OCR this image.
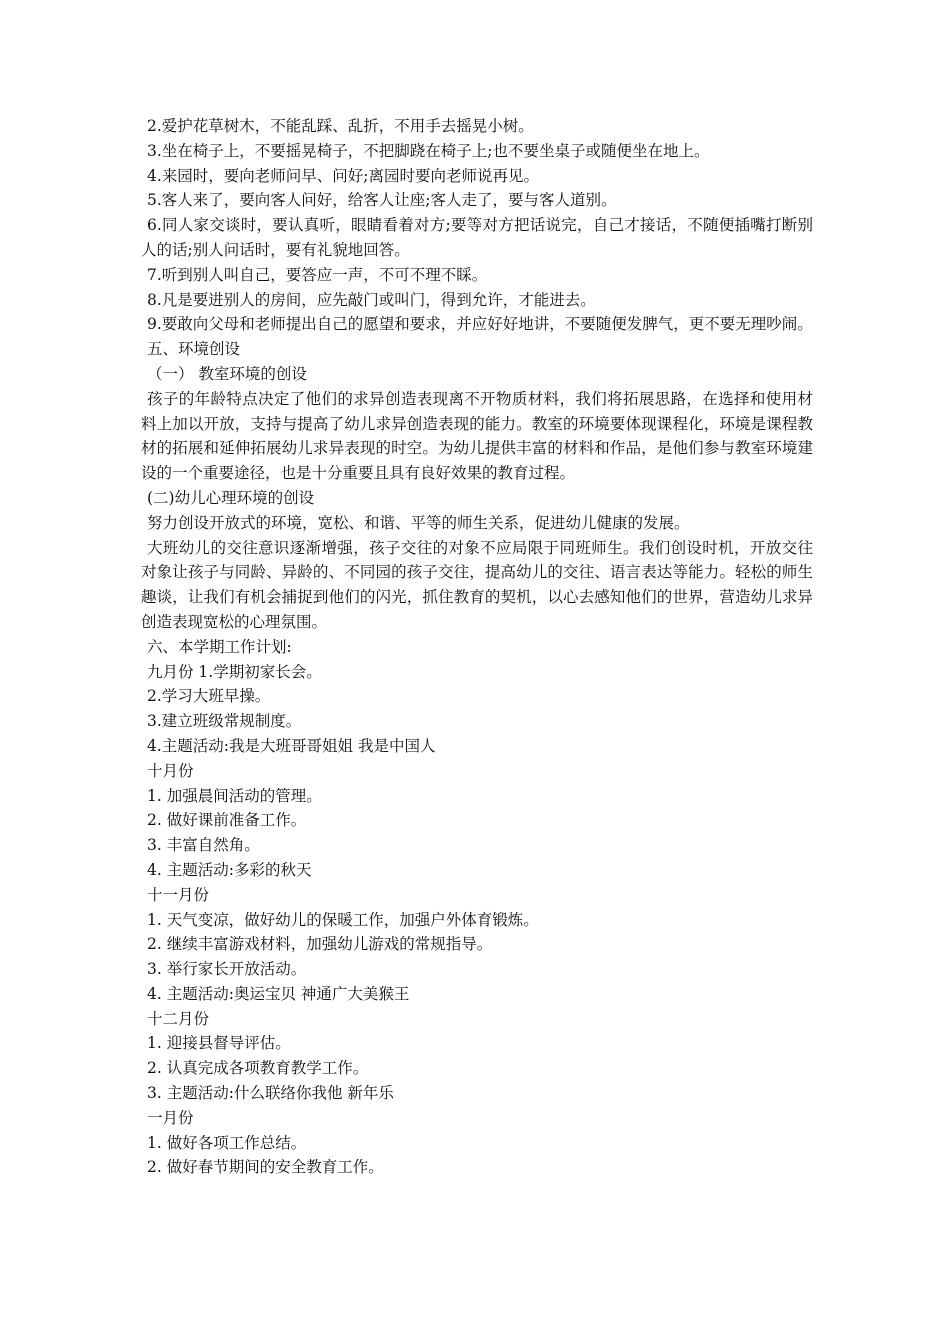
2.爱护花草树木，不能乱踩、乱折，不用手去摇晃小树。

3.坐在椅子上，不要摇晃椅子，不把脚跷在椅子上;也不要坐桌子或随便坐在地上。

4.来园时，要向老师问早、问好;离园时要向老师说再见。

5.客人来了，要向客人问好，给客人让座;客人走了，要与客人道别。

6.同人家交谈时，要认真听，眼睛看着对方;要等对方把话说完，自己才接话，不随便插嘴打断别人的话;别人问话时，要有礼貌地回答。

7.听到别人叫自己，要答应一声，不可不理不睬。

8.凡是要进别人的房间，应先敲门或叫门，得到允许，才能进去。

9.要敢向父母和老师提出自己的愿望和要求，并应好好地讲，不要随便发脾气，更不要无理吵闹。

五、环境创设

（一） 教室环境的创设

孩子的年龄特点决定了他们的求异创造表现离不开物质材料，我们将拓展思路，在选择和使用材料上加以开放，支持与提高了幼儿求异创造表现的能力。教室的环境要体现课程化，环境是课程教材的拓展和延伸拓展幼儿求异表现的时空。为幼儿提供丰富的材料和作品，是他们参与教室环境建设的一个重要途径，也是十分重要且具有良好效果的教育过程。

(二)幼儿心理环境的创设

努力创设开放式的环境，宽松、和谐、平等的师生关系，促进幼儿健康的发展。

大班幼儿的交往意识逐渐增强，孩子交往的对象不应局限于同班师生。我们创设时机，开放交往对象让孩子与同龄、异龄的、不同园的孩子交往，提高幼儿的交往、语言表达等能力。轻松的师生趣谈，让我们有机会捕捉到他们的闪光，抓住教育的契机，以心去感知他们的世界，营造幼儿求异创造表现宽松的心理氛围。

六、本学期工作计划:

九月份 1.学期初家长会。

2.学习大班早操。

3.建立班级常规制度。

4.主题活动:我是大班哥哥姐姐 我是中国人

十月份

1. 加强晨间活动的管理。

2. 做好课前准备工作。

3. 丰富自然角。

4. 主题活动:多彩的秋天

十一月份

1. 天气变凉，做好幼儿的保暖工作，加强户外体育锻炼。

2. 继续丰富游戏材料，加强幼儿游戏的常规指导。

3. 举行家长开放活动。

4. 主题活动:奥运宝贝 神通广大美猴王

十二月份

1. 迎接县督导评估。

2. 认真完成各项教育教学工作。

3. 主题活动:什么联络你我他 新年乐

一月份

1. 做好各项工作总结。

2. 做好春节期间的安全教育工作。
